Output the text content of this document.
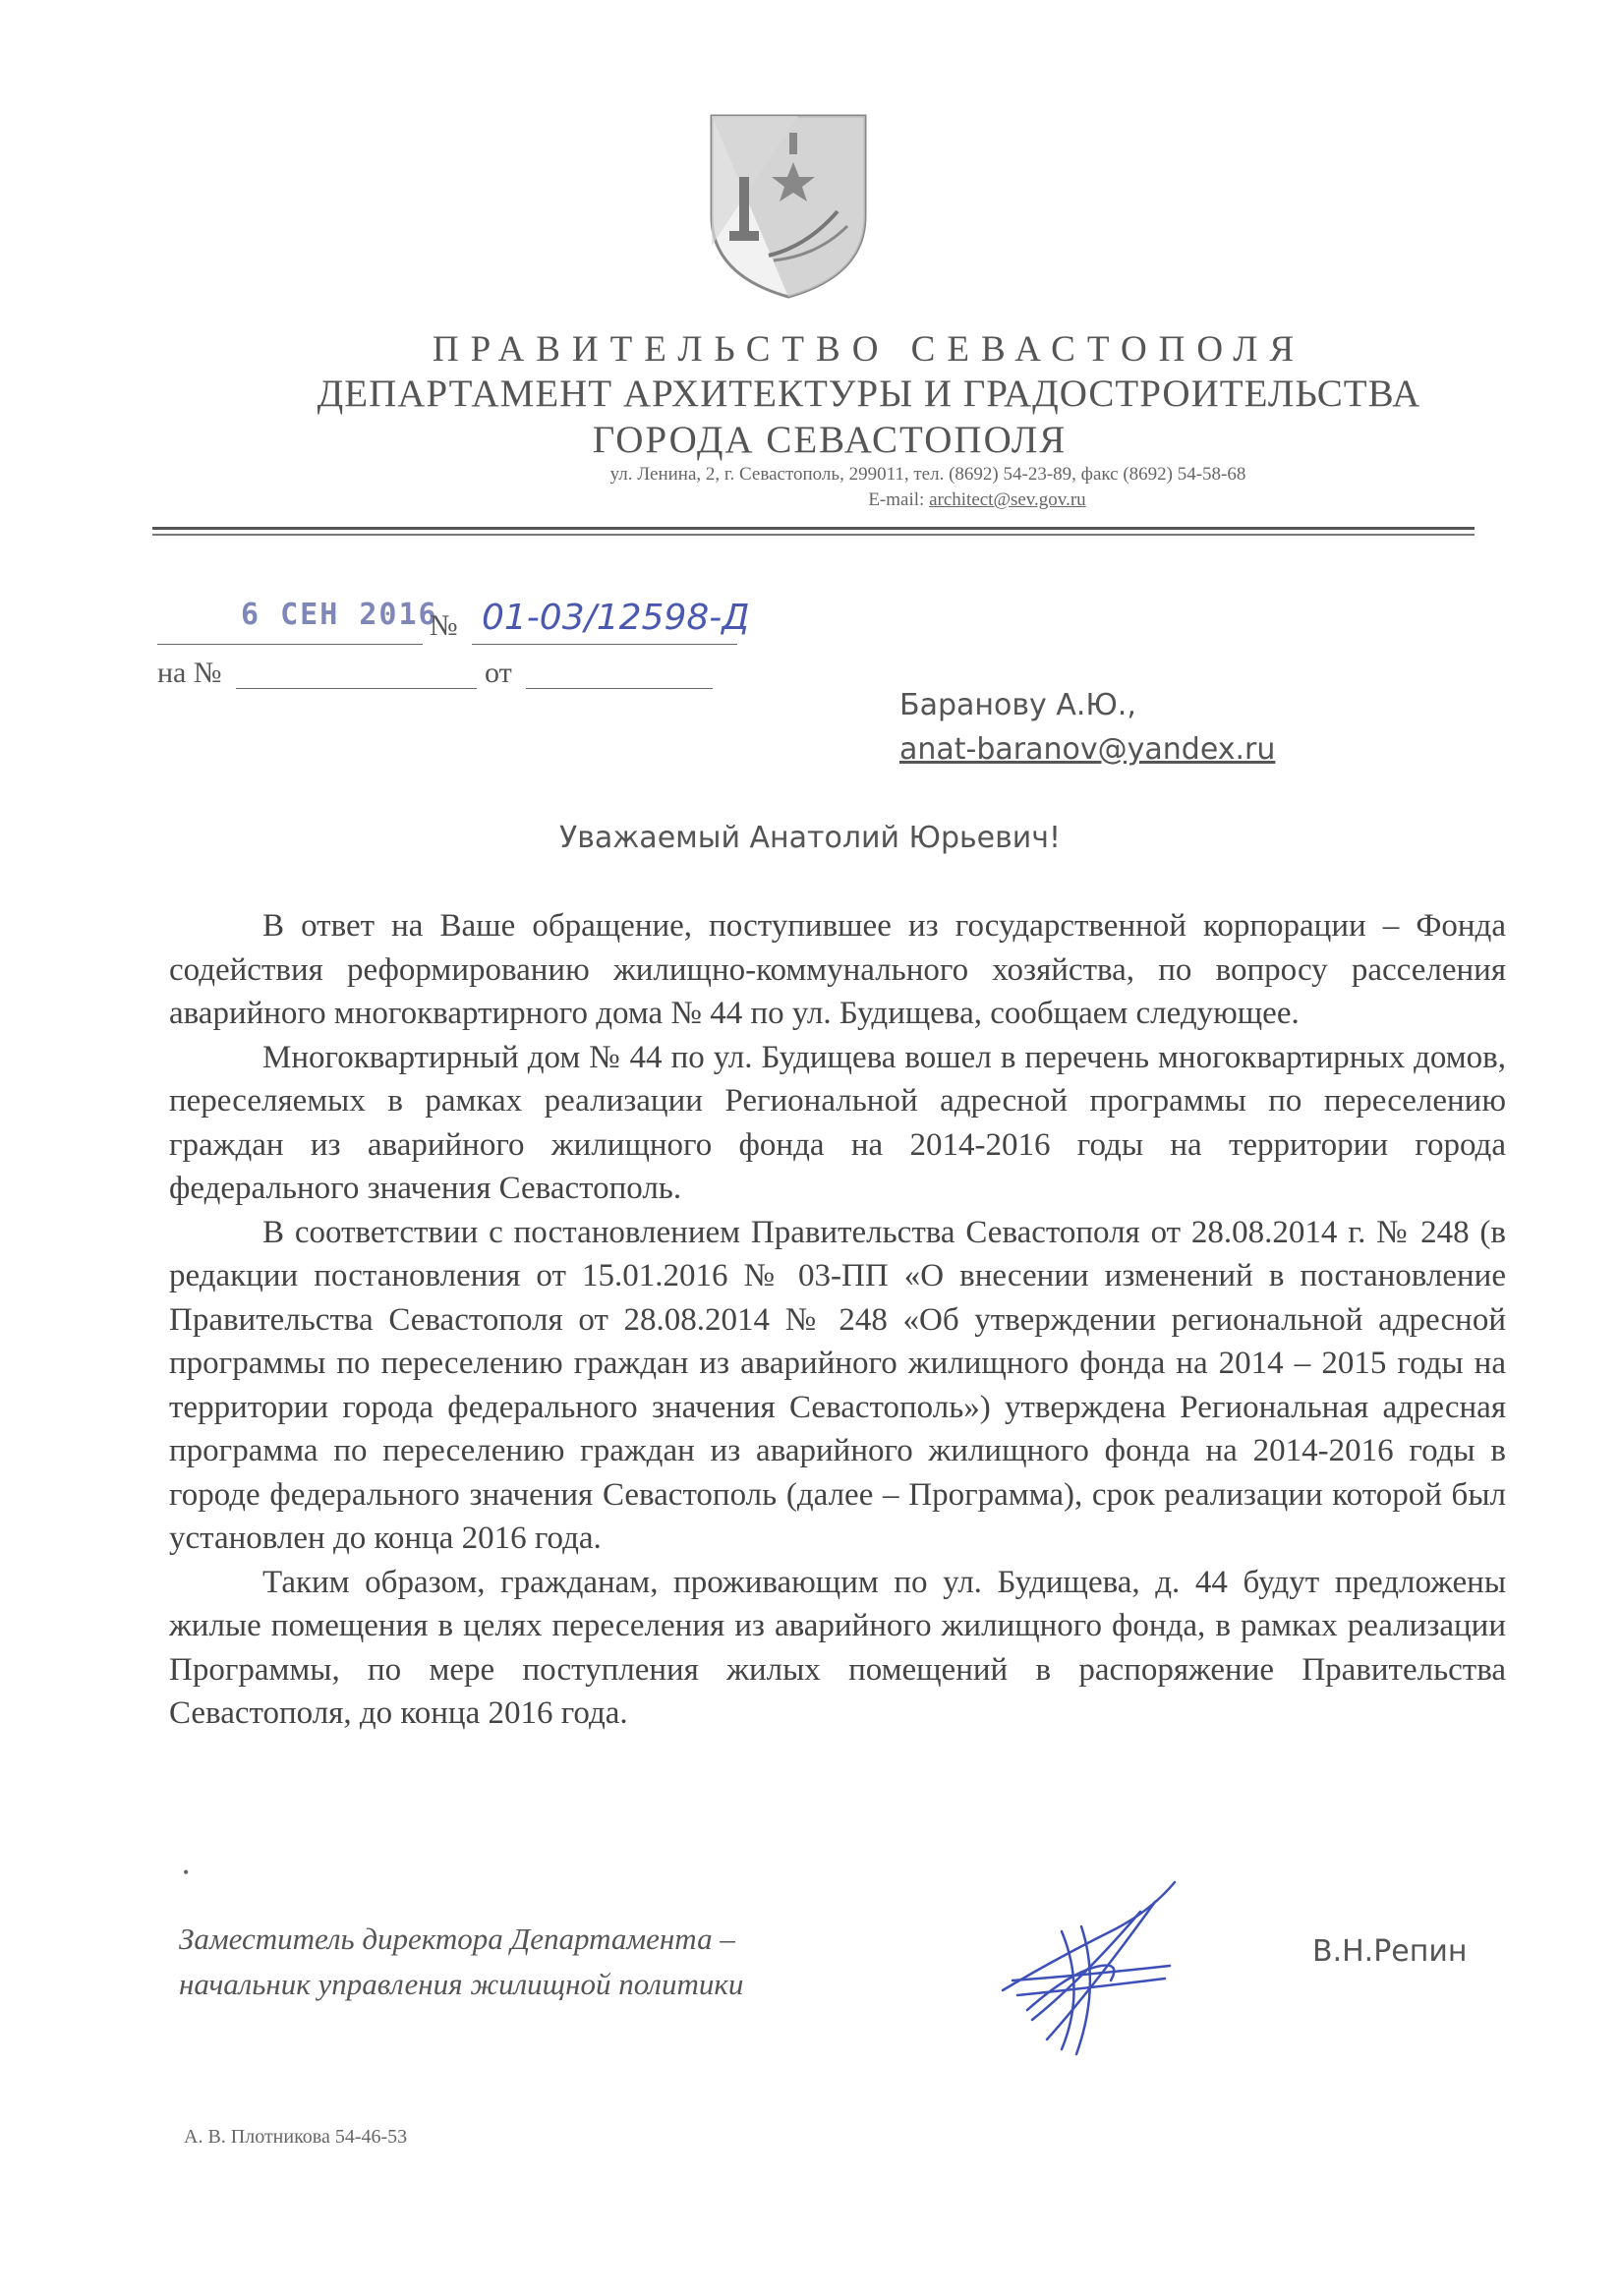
ПРАВИТЕЛЬСТВО СЕВАСТОПОЛЯ
ДЕПАРТАМЕНТ АРХИТЕКТУРЫ И ГРАДОСТРОИТЕЛЬСТВА
ГОРОДА СЕВАСТОПОЛЯ
ул. Ленина, 2, г. Севастополь, 299011, тел. (8692) 54-23-89, факс (8692) 54-58-68
E-mail: architect@sev.gov.ru
6 СЕН 2016
№ 01-03/12598-Д
на №	от
Баранову А.Ю.,
anat-baranov@yandex.ru
Уважаемый Анатолий Юрьевич!

В ответ на Ваше обращение, поступившее из государственной корпорации – Фонда содействия реформированию жилищно-коммунального хозяйства, по вопросу расселения аварийного многоквартирного дома № 44 по ул. Будищева, сообщаем следующее.

Многоквартирный дом № 44 по ул. Будищева вошел в перечень многоквартирных домов, переселяемых в рамках реализации Региональной адресной программы по переселению граждан из аварийного жилищного фонда на 2014-2016 годы на территории города федерального значения Севастополь.

В соответствии с постановлением Правительства Севастополя от 28.08.2014 г. № 248 (в редакции постановления от 15.01.2016 № 03-ПП «О внесении изменений в постановление Правительства Севастополя от 28.08.2014 № 248 «Об утверждении региональной адресной программы по переселению граждан из аварийного жилищного фонда на 2014 – 2015 годы на территории города федерального значения Севастополь») утверждена Региональная адресная программа по переселению граждан из аварийного жилищного фонда на 2014-2016 годы в городе федерального значения Севастополь (далее – Программа), срок реализации которой был установлен до конца 2016 года.

Таким образом, гражданам, проживающим по ул. Будищева, д. 44 будут предложены жилые помещения в целях переселения из аварийного жилищного фонда, в рамках реализации Программы, по мере поступления жилых помещений в распоряжение Правительства Севастополя, до конца 2016 года.

•
Заместитель директора Департамента –
начальник управления жилищной политики
В.Н.Репин
А. В. Плотникова 54-46-53
